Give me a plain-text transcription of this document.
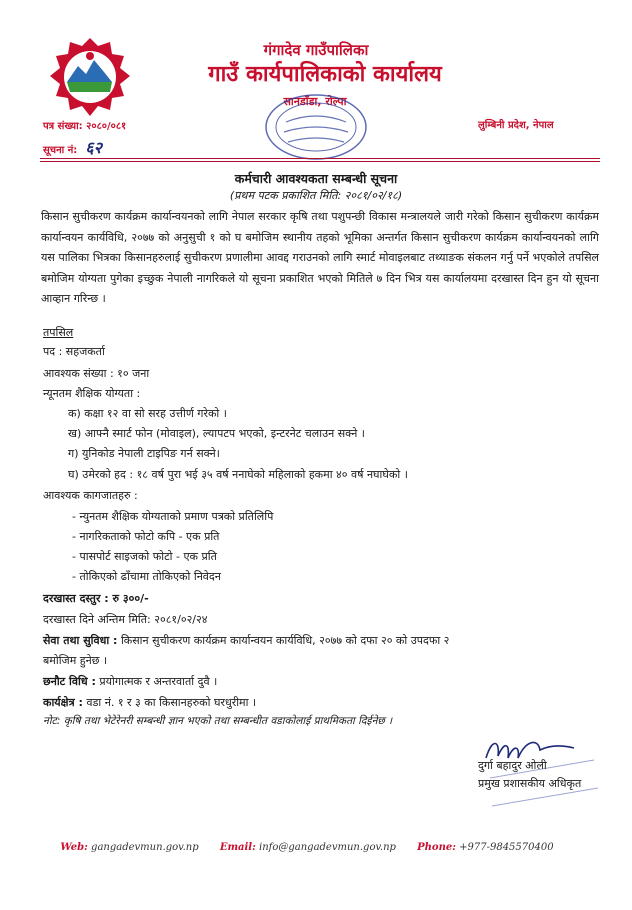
गंगादेव गाउँपालिका
गाउँ कार्यपालिकाको कार्यालय
सानडाँडा, रोल्पा
पत्र संख्या: २०८०/०८१
सूचना नं: ६२
लुम्बिनी प्रदेश, नेपाल
कर्मचारी आवश्यकता सम्बन्धी सूचना
(प्रथम पटक प्रकाशित मिति: २०८१/०२/१८)

किसान सुचीकरण कार्यक्रम कार्यान्वयनको लागि नेपाल सरकार कृषि तथा पशुपन्छी विकास मन्त्रालयले जारी गरेको किसान सुचीकरण कार्यक्रम कार्यान्वयन कार्यविधि, २०७७ को अनुसुची १ को घ बमोजिम स्थानीय तहको भूमिका अन्तर्गत किसान सुचीकरण कार्यक्रम कार्यान्वयनको लागि यस पालिका भित्रका किसानहरुलाई सुचीकरण प्रणालीमा आवद्द गराउनको लागि स्मार्ट मोवाइलबाट तथ्याङक संकलन गर्नु पर्ने भएकोले तपसिल बमोजिम योग्यता पुगेका इच्छुक नेपाली नागरिकले यो सूचना प्रकाशित भएको मितिले ७ दिन भित्र यस कार्यालयमा दरखास्त दिन हुन यो सूचना आव्हान गरिन्छ ।

तपसिल
पद : सहजकर्ता
आवश्यक संख्या : १० जना
न्यूनतम शैक्षिक योग्यता :
क) कक्षा १२ वा सो सरह उत्तीर्ण गरेको ।
ख) आफ्नै स्मार्ट फोन (मोवाइल), ल्यापटप भएको, इन्टरनेट चलाउन सक्ने ।
ग) युनिकोड नेपाली टाइपिङ गर्न सक्ने।
घ) उमेरको हद : १८ वर्ष पुरा भई ३५ वर्ष ननाघेको महिलाको हकमा ४० वर्ष नघाघेको ।
आवश्यक कागजातहरु :
- न्युनतम शैक्षिक योग्यताको प्रमाण पत्रको प्रतिलिपि
- नागरिकताको फोटो कपि - एक प्रति
- पासपोर्ट साइजको फोटो - एक प्रति
- तोकिएको ढाँचामा तोकिएको निवेदन
दरखास्त दस्तुर : रु ३००/-
दरखास्त दिने अन्तिम मिति: २०८१/०२/२४
सेवा तथा सुविधा : किसान सुचीकरण कार्यक्रम कार्यान्वयन कार्यविधि, २०७७ को दफा २० को उपदफा २
बमोजिम हुनेछ ।
छनौट विधि : प्रयोगात्मक र अन्तरवार्ता दुवै ।
कार्यक्षेत्र : वडा नं. १ र ३ का किसानहरुको घरधुरीमा ।
नोट: कृषि तथा भेटेरेनरी सम्बन्धी ज्ञान भएको तथा सम्बन्धीत वडाकोलाई प्राथमिकता दिईनेछ ।
दुर्गा बहादुर ओली
प्रमुख प्रशासकीय अधिकृत
Web: gangadevmun.gov.np Email: info@gangadevmun.gov.np Phone: +977-9845570400
